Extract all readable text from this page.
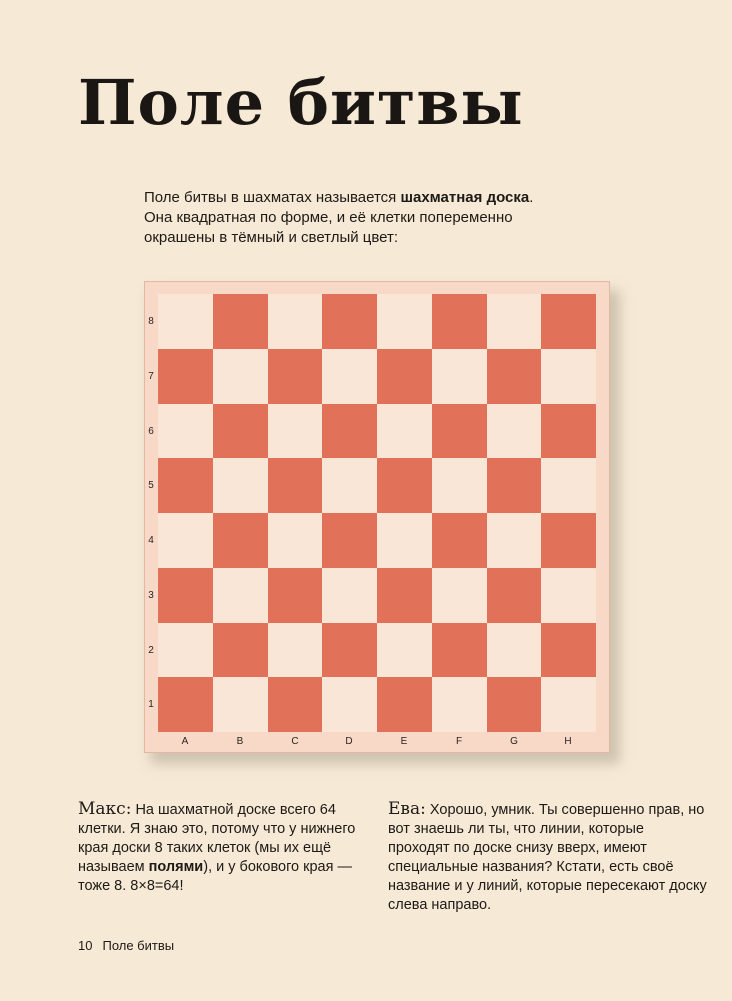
Поле битвы

Поле битвы в шахматах называется шахматная доска. Она квадратная по форме, и её клетки попеременно окрашены в тёмный и светлый цвет:

8
7
6
5
4
3
2
1
A	B	C	D	E	F	G	H

Макс: На шахматной доске всего 64 клетки. Я знаю это, потому что у нижнего края доски 8 таких клеток (мы их ещё называем полями), и у бокового края — тоже 8. 8×8=64!

Ева: Хорошо, умник. Ты совершенно прав, но вот знаешь ли ты, что линии, которые проходят по доске снизу вверх, имеют специальные названия? Кстати, есть своё название и у линий, которые пересекают доску слева направо.

10 Поле битвы
